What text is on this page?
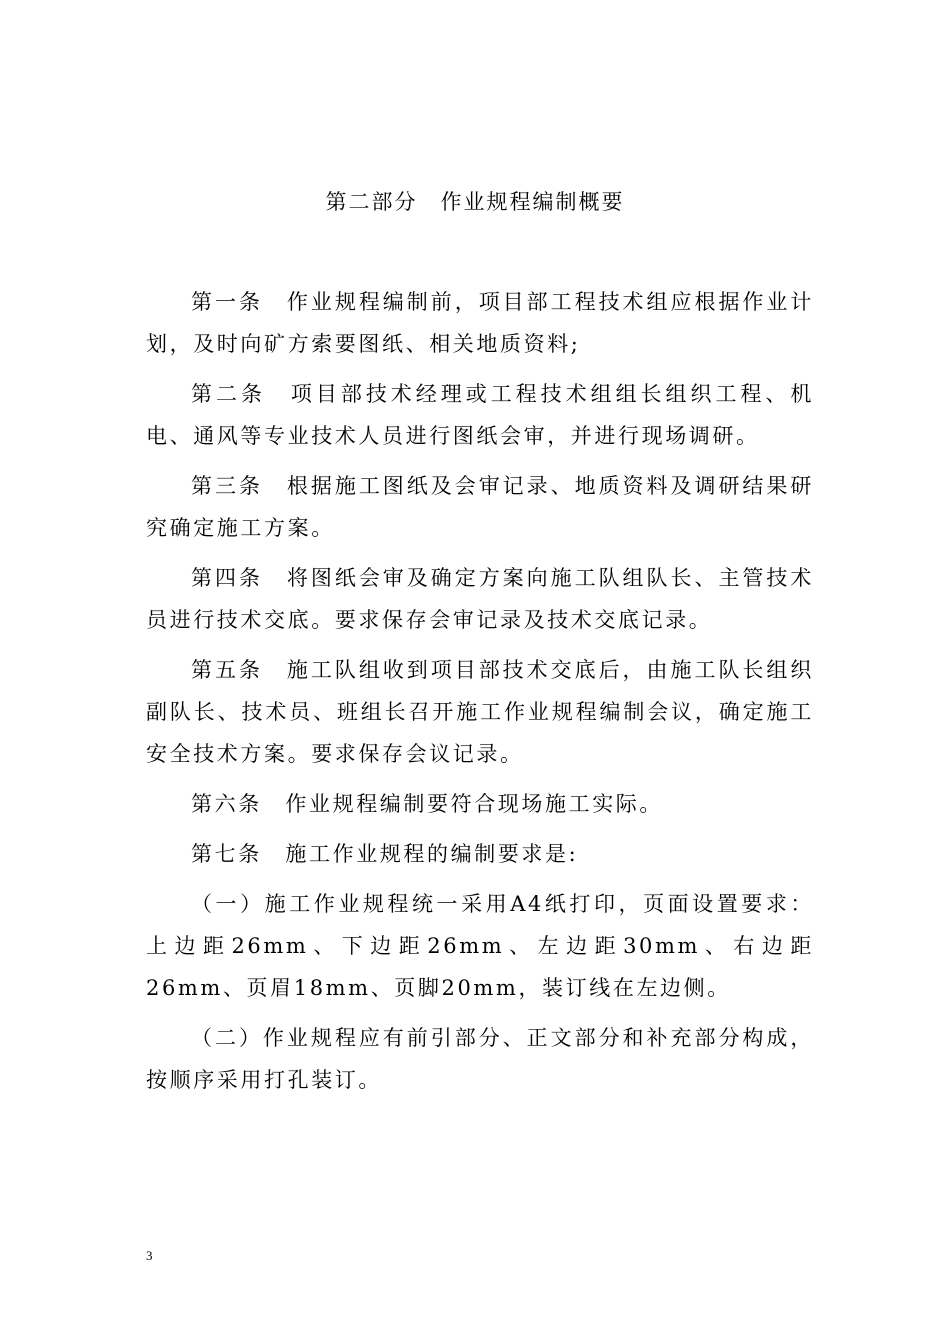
第二部分　作业规程编制概要

第一条　作业规程编制前，项目部工程技术组应根据作业计划，及时向矿方索要图纸、相关地质资料;

第二条　项目部技术经理或工程技术组组长组织工程、机电、通风等专业技术人员进行图纸会审，并进行现场调研。

第三条　根据施工图纸及会审记录、地质资料及调研结果研究确定施工方案。

第四条　将图纸会审及确定方案向施工队组队长、主管技术员进行技术交底。要求保存会审记录及技术交底记录。

第五条　施工队组收到项目部技术交底后，由施工队长组织副队长、技术员、班组长召开施工作业规程编制会议，确定施工安全技术方案。要求保存会议记录。

第六条　作业规程编制要符合现场施工实际。

第七条　施工作业规程的编制要求是:

（一）施工作业规程统一采用A4纸打印，页面设置要求：上边距26mm、下边距26mm、左边距30mm、右边距26mm、页眉18mm、页脚20mm，装订线在左边侧。

（二）作业规程应有前引部分、正文部分和补充部分构成，按顺序采用打孔装订。

3
